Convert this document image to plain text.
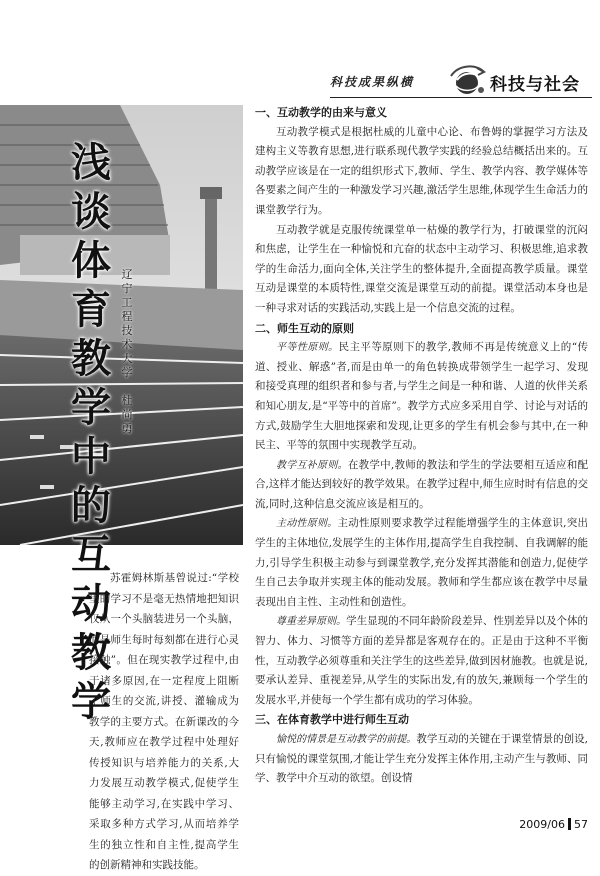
科技成果纵横	科技与社会
浅
谈
体
育
教
学
中
的
互
动
教
学
辽
宁
工
程
技
术
大
学

杜
尚
勇

苏霍姆林斯基曾说过:“学校里的学习不是毫无热情地把知识仅从一个头脑装进另一个头脑，而是师生每时每刻都在进行心灵接触”。但在现实教学过程中,由于诸多原因,在一定程度上阻断了师生的交流,讲授、灌输成为教学的主要方式。在新课改的今天,教师应在教学过程中处理好传授知识与培养能力的关系,大力发展互动教学模式,促使学生能够主动学习,在实践中学习、采取多种方式学习,从而培养学生的独立性和自主性,提高学生的创新精神和实践技能。

一、互动教学的由来与意义

互动教学模式是根据杜威的儿童中心论、布鲁姆的掌握学习方法及建构主义等教育思想,进行联系现代教学实践的经验总结概括出来的。互动教学应该是在一定的组织形式下,教师、学生、教学内容、教学媒体等各要素之间产生的一种激发学习兴趣,激活学生思维,体现学生生命活力的课堂教学行为。

互动教学就是克服传统课堂单一枯燥的教学行为，打破课堂的沉闷和焦虑，让学生在一种愉悦和亢奋的状态中主动学习、积极思维,追求教学的生命活力,面向全体,关注学生的整体提升,全面提高教学质量。课堂互动是课堂的本质特性,课堂交流是课堂互动的前提。课堂活动本身也是一种寻求对话的实践活动,实践上是一个信息交流的过程。

二、师生互动的原则

平等性原则。民主平等原则下的教学,教师不再是传统意义上的“传道、授业、解惑”者,而是由单一的角色转换成带领学生一起学习、发现和接受真理的组织者和参与者,与学生之间是一种和谐、人道的伙伴关系和知心朋友,是“平等中的首席”。教学方式应多采用自学、讨论与对话的方式,鼓励学生大胆地探索和发现,让更多的学生有机会参与其中,在一种民主、平等的氛围中实现教学互动。

教学互补原则。在教学中,教师的教法和学生的学法要相互适应和配合,这样才能达到较好的教学效果。在教学过程中,师生应时时有信息的交流,同时,这种信息交流应该是相互的。

主动性原则。主动性原则要求教学过程能增强学生的主体意识,突出学生的主体地位,发展学生的主体作用,提高学生自我控制、自我调解的能力,引导学生积极主动参与到课堂教学,充分发挥其潜能和创造力,促使学生自己去争取并实现主体的能动发展。教师和学生都应该在教学中尽量表现出自主性、主动性和创造性。

尊重差异原则。学生显现的不同年龄阶段差异、性别差异以及个体的智力、体力、习惯等方面的差异都是客观存在的。正是由于这种不平衡性，互动教学必须尊重和关注学生的这些差异,做到因材施教。也就是说,要承认差异、重视差异,从学生的实际出发,有的放矢,兼顾每一个学生的发展水平,并使每一个学生都有成功的学习体验。

三、在体育教学中进行师生互动

愉悦的情景是互动教学的前提。教学互动的关键在于课堂情景的创设,只有愉悦的课堂氛围,才能让学生充分发挥主体作用,主动产生与教师、同学、教学中介互动的欲望。创设情

2009/06 57
